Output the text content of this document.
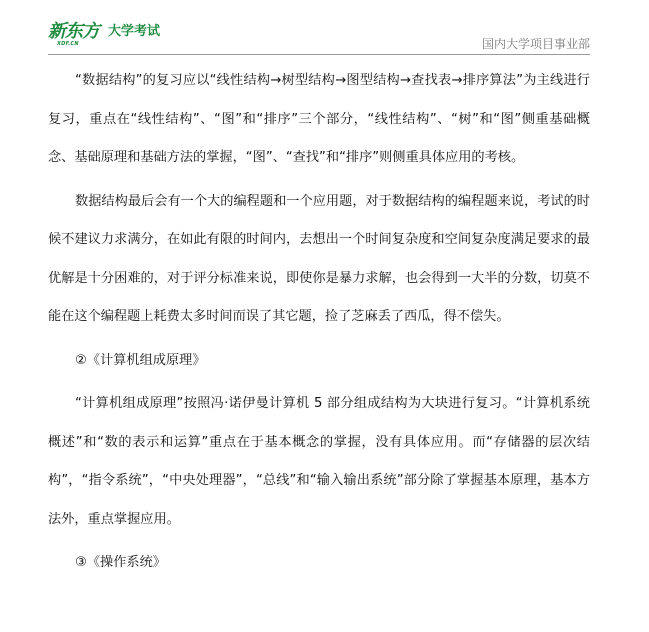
新东方
XDF.CN
大学考试
国内大学项目事业部

“数据结构”的复习应以“线性结构→树型结构→图型结构→查找表→排序算法”为主线进行复习，重点在“线性结构”、“图”和“排序”三个部分，“线性结构”、“树”和“图”侧重基础概念、基础原理和基础方法的掌握，“图”、“查找”和“排序”则侧重具体应用的考核。

数据结构最后会有一个大的编程题和一个应用题，对于数据结构的编程题来说，考试的时候不建议力求满分，在如此有限的时间内，去想出一个时间复杂度和空间复杂度满足要求的最优解是十分困难的，对于评分标准来说，即使你是暴力求解，也会得到一大半的分数，切莫不能在这个编程题上耗费太多时间而误了其它题，捡了芝麻丢了西瓜，得不偿失。

②《计算机组成原理》

“计算机组成原理”按照冯·诺伊曼计算机 5 部分组成结构为大块进行复习。“计算机系统概述”和“数的表示和运算”重点在于基本概念的掌握，没有具体应用。而“存储器的层次结构”，“指令系统”，“中央处理器”，“总线”和“输入输出系统”部分除了掌握基本原理，基本方法外，重点掌握应用。

③《操作系统》
